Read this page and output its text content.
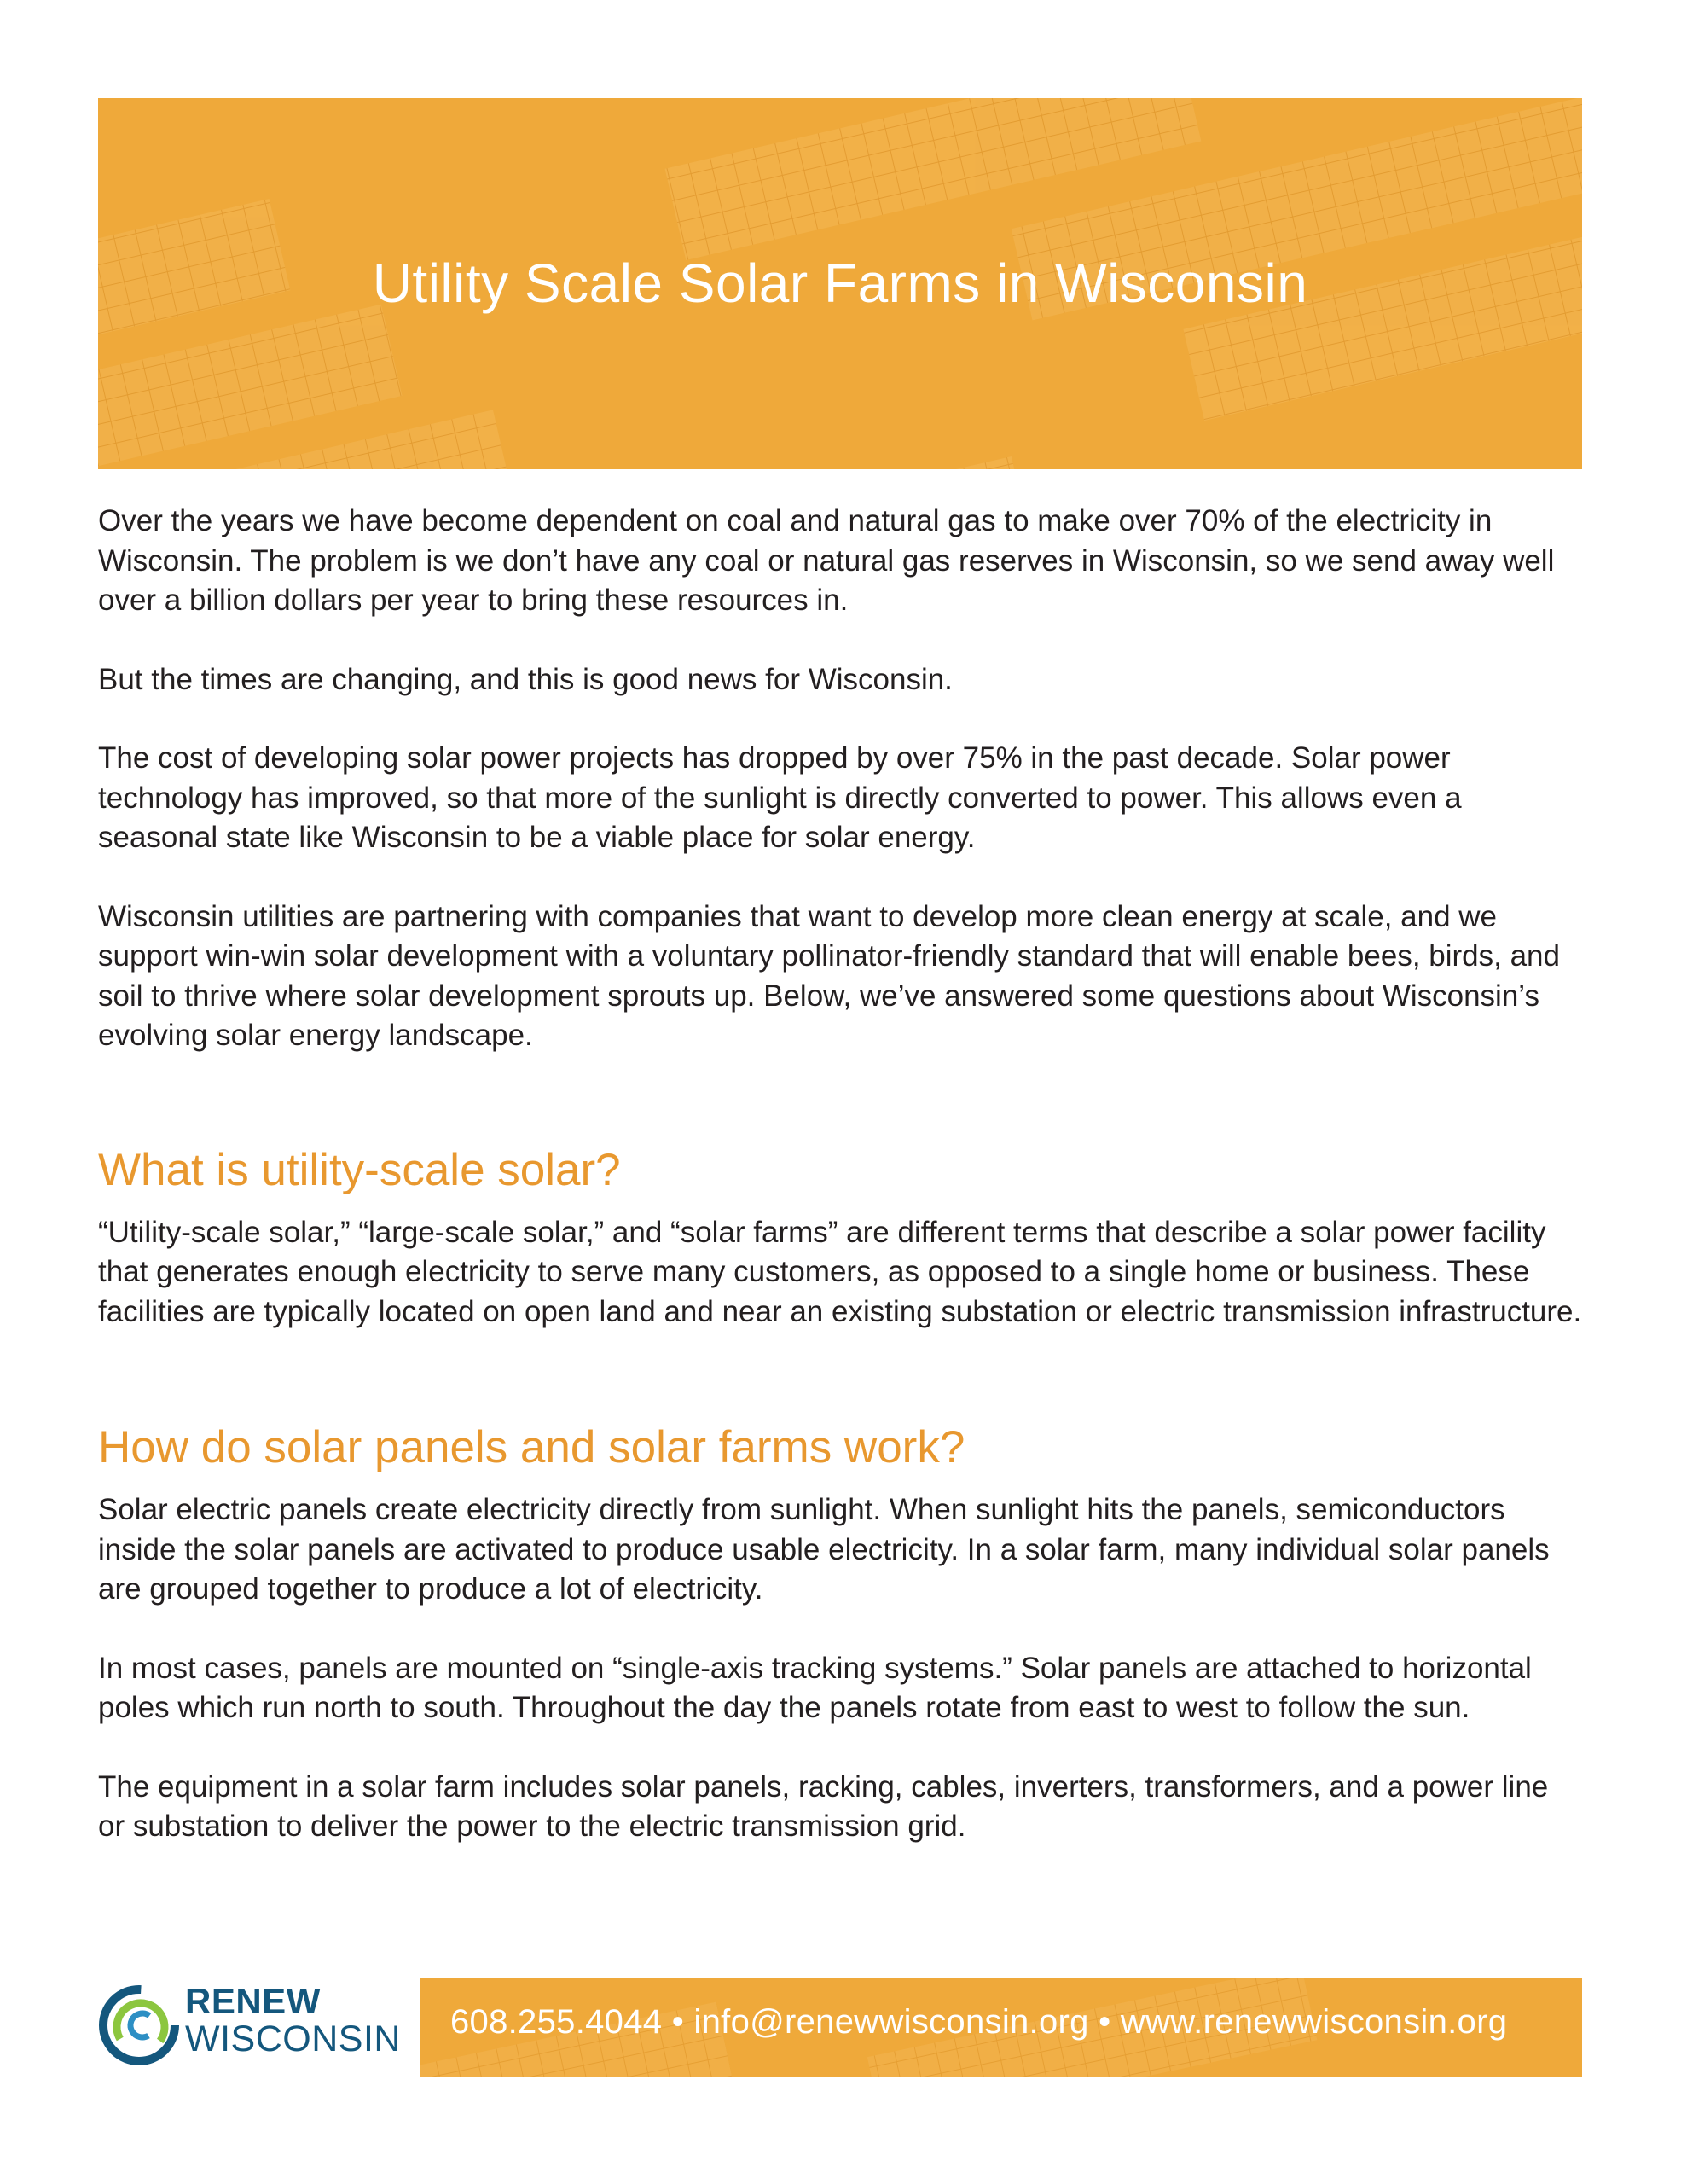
Utility Scale Solar Farms in Wisconsin

Over the years we have become dependent on coal and natural gas to make over 70% of the electricity in Wisconsin. The problem is we don’t have any coal or natural gas reserves in Wisconsin, so we send away well over a billion dollars per year to bring these resources in.

But the times are changing, and this is good news for Wisconsin.

The cost of developing solar power projects has dropped by over 75% in the past decade. Solar power technology has improved, so that more of the sunlight is directly converted to power. This allows even a seasonal state like Wisconsin to be a viable place for solar energy.

Wisconsin utilities are partnering with companies that want to develop more clean energy at scale, and we support win-win solar development with a voluntary pollinator-friendly standard that will enable bees, birds, and soil to thrive where solar development sprouts up. Below, we’ve answered some questions about Wisconsin’s evolving solar energy landscape.

What is utility-scale solar?

“Utility-scale solar,” “large-scale solar,” and “solar farms” are different terms that describe a solar power facility that generates enough electricity to serve many customers, as opposed to a single home or business. These facilities are typically located on open land and near an existing substation or electric transmission infrastructure.

How do solar panels and solar farms work?

Solar electric panels create electricity directly from sunlight. When sunlight hits the panels, semiconductors inside the solar panels are activated to produce usable electricity. In a solar farm, many individual solar panels are grouped together to produce a lot of electricity.

In most cases, panels are mounted on “single-axis tracking systems.” Solar panels are attached to horizontal poles which run north to south. Throughout the day the panels rotate from east to west to follow the sun.

The equipment in a solar farm includes solar panels, racking, cables, inverters, transformers, and a power line or substation to deliver the power to the electric transmission grid.

RENEW
WISCONSIN 608.255.4044 • info@renewwisconsin.org • www.renewwisconsin.org
